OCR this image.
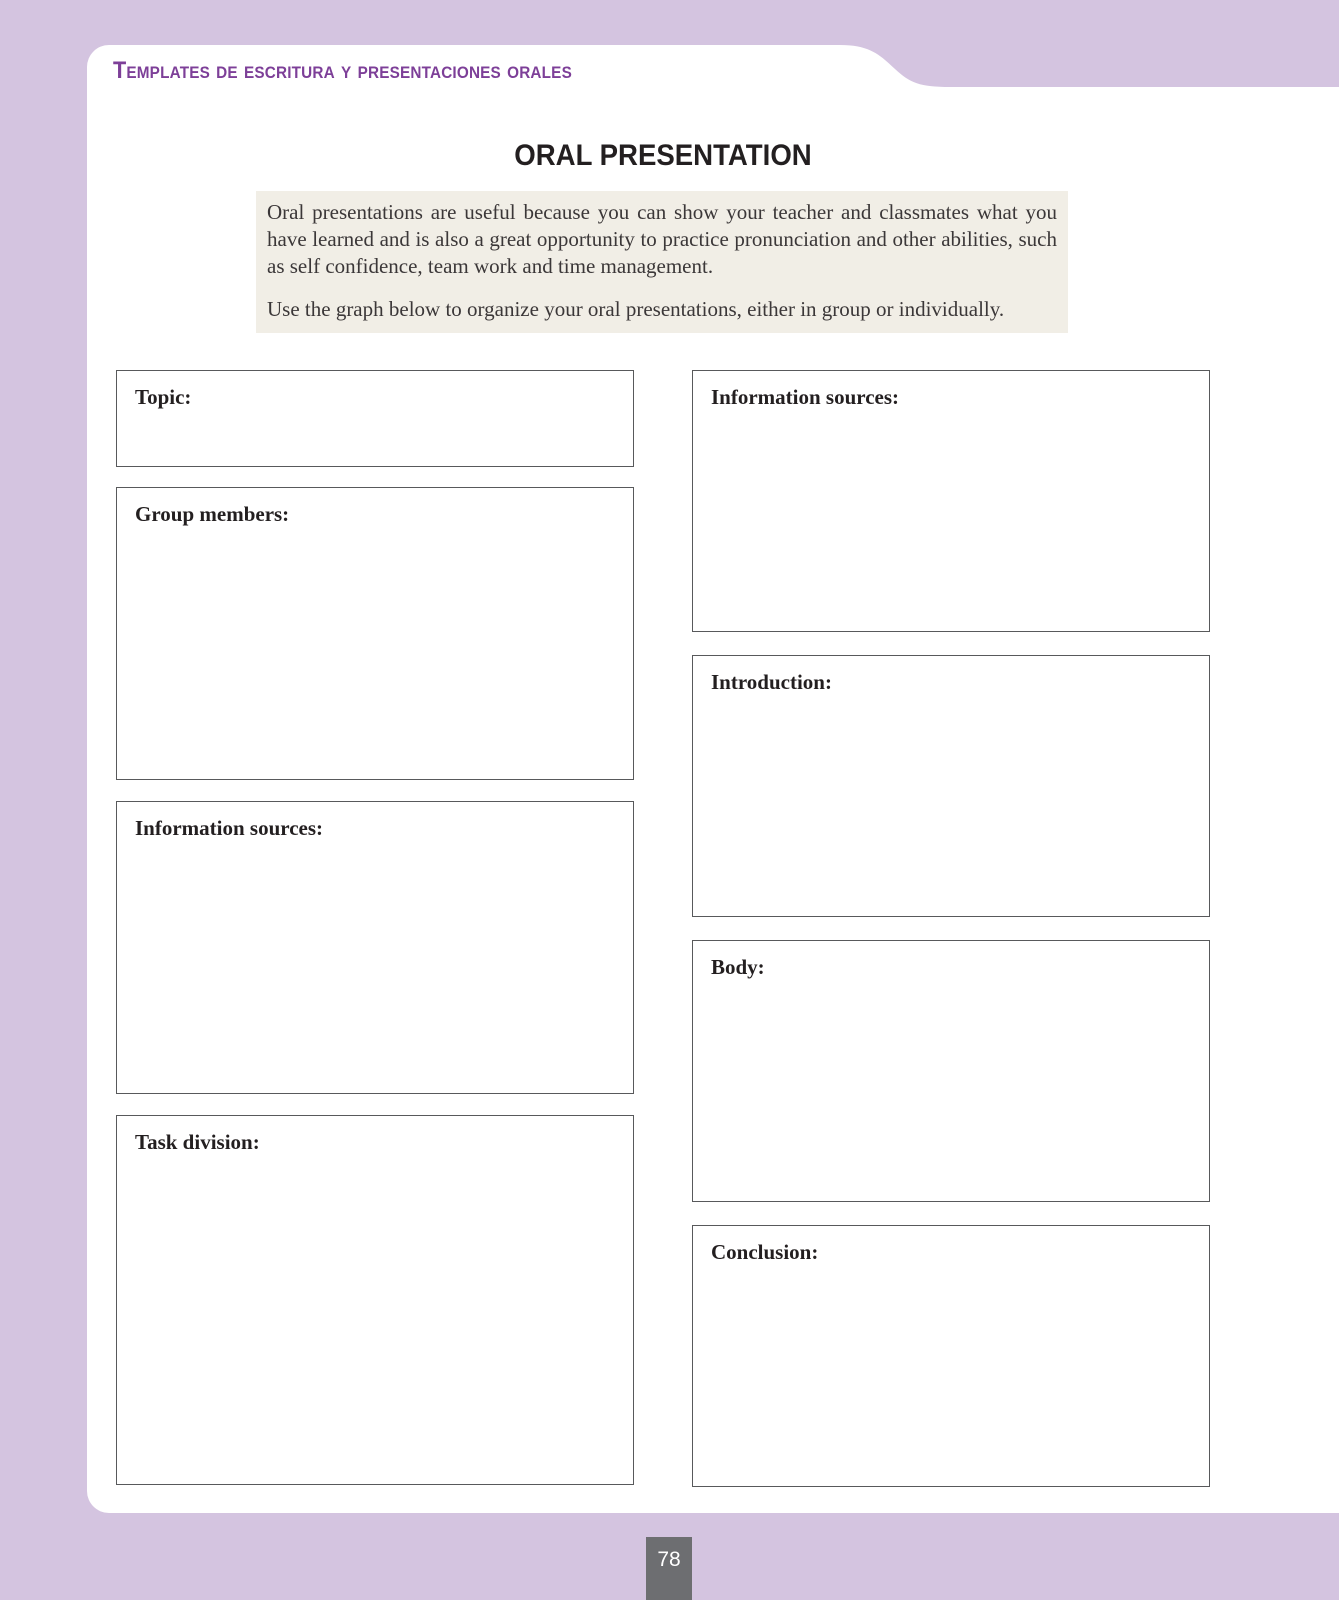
Templates de escritura y presentaciones orales
ORAL PRESENTATION

Oral presentations are useful because you can show your teacher and classmates what you have learned and is also a great opportunity to practice pronunciation and other abilities, such as self confidence, team work and time management.

Use the graph below to organize your oral presentations, either in group or individually.

Topic:
Group members:
Information sources:
Task division:
Information sources:
Introduction:
Body:
Conclusion:
78
